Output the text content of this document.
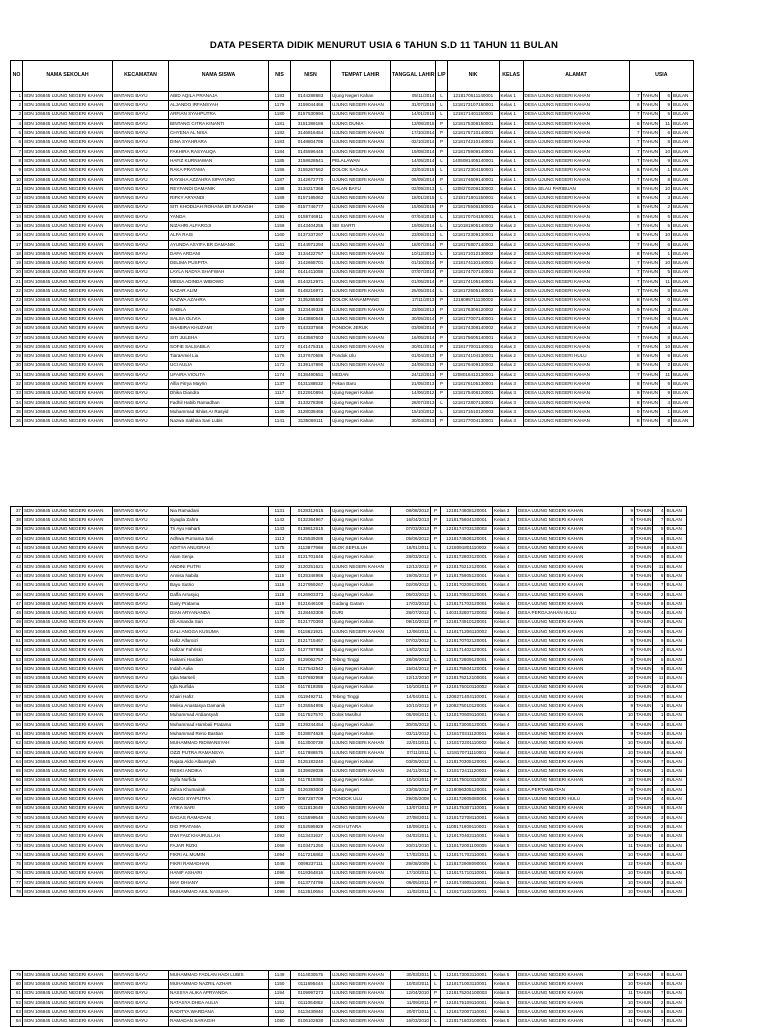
DATA PESERTA DIDIK MENURUT USIA 6 TAHUN S.D 11 TAHUN 11 BULAN
NO	NAMA SEKOLAH	KECAMATAN	NAMA SISWA	NIS	NISN	TEMPAT LAHIR	TANGGAL LAHIR	L/P	NIK	KELAS	ALAMAT	USIA			
1	SDN 106845 UJUNG NEGERI KAHAN	BINTANG BAYU	ABID AQILA PRANAJA	1193	0144288883	Ujung Negeri Kahan	05/11/2014	L	1218170511140001	Kelas 1	DESA UJUNG NEGERI KAHAN	7	TAHUN	6	BULAN
2	SDN 106845 UJUNG NEGERI KAHAN	BINTANG BAYU	ALJANDO IRFANSYAH	1179	3159044466	UJUNG NEGERI KAHAN	31/07/2015	L	1218173107150001	Kelas 1	DESA UJUNG NEGERI KAHAN	6	TAHUN	9	BULAN
3	SDN 106845 UJUNG NEGERI KAHAN	BINTANG BAYU	ARFIAN SYAHPUTRA	1180	0157530994	UJUNG NEGERI KAHAN	14/01/2015	L	1218171401150001	Kelas 1	DESA UJUNG NEGERI KAHAN	7	TAHUN	5	BULAN
4	SDN 106845 UJUNG NEGERI KAHAN	BINTANG BAYU	BINTANG CITRA KINANTI	1181	3151389186	UJUNG DUNIA	13/08/2015	P	1218175308150001	Kelas 1	DESA UJUNG NEGERI KAHAN	6	TAHUN	11	BULAN
5	SDN 106845 UJUNG NEGERI KAHAN	BINTANG BAYU	CHYENA AL NISA	1182	3146816454	UJUNG NEGERI KAHAN	17/10/2014	P	1218175710140001	Kelas 1	DESA UJUNG NEGERI KAHAN	7	TAHUN	6	BULAN
6	SDN 106845 UJUNG NEGERI KAHAN	BINTANG BAYU	DINA SYAHRARA	1183	0148804795	UJUNG NEGERI KAHAN	02/10/2014	P	1218174210140001	Kelas 1	DESA UJUNG NEGERI KAHAN	7	TAHUN	8	BULAN
7	SDN 106845 UJUNG NEGERI KAHAN	BINTANG BAYU	FAKHIRA RASYAUQA	1184	0145596445	UJUNG NEGERI KAHAN	19/08/2014	P	1218175908140001	Kelas 1	DESA UJUNG NEGERI KAHAN	7	TAHUN	10	BULAN
8	SDN 106845 UJUNG NEGERI KAHAN	BINTANG BAYU	HAFIZ KURNIAWAN	1185	3158628541	PELALAWAN	14/05/2014	L	1405081405140001	Kelas 1	DESA UJUNG NEGERI KAHAN	7	TAHUN	9	BULAN
9	SDN 106845 UJUNG NEGERI KAHAN	BINTANG BAYU	RAKA PRATAMA	1186	3155267562	DOLOK SAGALA	23/04/2015	L	1218172304150001	Kelas 1	DESA UJUNG NEGERI KAHAN	6	TAHUN	1	BULAN
10	SDN 106845 UJUNG NEGERI KAHAN	BINTANG BAYU	RAYSHA AZZAHRA SIPAYUNG	1187	3142672770	UJUNG NEGERI KAHAN	06/09/2014	P	1218174609140001	Kelas 1	DESA UJUNG NEGERI KAHAN	7	TAHUN	8	BULAN
11	SDN 106845 UJUNG NEGERI KAHAN	BINTANG BAYU	REYFANDI DAMANIK	1188	3134217368	DALAN BAYU	02/09/2013	L	1208270209130002	Kelas 1	DESA SILAU PARIBUAN	8	TAHUN	10	BULAN
12	SDN 106845 UJUNG NEGERI KAHAN	BINTANG BAYU	RIFKY ARYANDI	1189	0157195062	UJUNG NEGERI KAHAN	18/01/2015	L	1218171801150001	Kelas 1	DESA UJUNG NEGERI KAHAN	6	TAHUN	3	BULAN
13	SDN 106845 UJUNG NEGERI KAHAN	BINTANG BAYU	SITI KHODIJAH ROHANA BR SARAGIH	1190	0157746777	UJUNG NEGERI KAHAN	15/06/2015	P	1218175506150001	Kelas 1	DESA UJUNG NEGERI KAHAN	6	TAHUN	2	BULAN
14	SDN 106845 UJUNG NEGERI KAHAN	BINTANG BAYU	YANDA	1191	0159746911	UJUNG NEGERI KAHAN	07/04/2015	L	1218170704150001	Kelas 1	DESA UJUNG NEGERI KAHAN	6	TAHUN	5	BULAN
15	SDN 106845 UJUNG NEGERI KAHAN	BINTANG BAYU	NIZAHRI ALFAROJI	1159	0143404255	SEI SIARTI	19/05/2014	L	1210181905140002	Kelas 2	DESA UJUNG NEGERI KAHAN	7	TAHUN	5	BULAN
16	SDN 106845 UJUNG NEGERI KAHAN	BINTANG BAYU	ALFA RAIS	1160	0137337297	UJUNG NEGERI KAHAN	23/09/2013	L	1218172309130001	Kelas 2	DESA UJUNG NEGERI KAHAN	8	TAHUN	10	BULAN
17	SDN 106845 UJUNG NEGERI KAHAN	BINTANG BAYU	AYUNDA ASYIFA BR DAMANIK	1161	0144971294	UJUNG NEGERI KAHAN	18/07/2014	P	1218175807140002	Kelas 2	DESA UJUNG NEGERI KAHAN	7	TAHUN	6	BULAN
18	SDN 106845 UJUNG NEGERI KAHAN	BINTANG BAYU	DAFA ARDANI	1162	3134422757	UJUNG NEGERI KAHAN	10/12/2013	L	1218171012130002	Kelas 2	DESA UJUNG NEGERI KAHAN	8	TAHUN	1	BULAN
19	SDN 106845 UJUNG NEGERI KAHAN	BINTANG BAYU	DELIMA PUSPITA	1163	3142668701	UJUNG NEGERI KAHAN	01/10/2014	P	1218174110140001	Kelas 2	DESA UJUNG NEGERI KAHAN	7	TAHUN	10	BULAN
20	SDN 106845 UJUNG NEGERI KAHAN	BINTANG BAYU	LAYLA NADYA SHAFWAH	1164	0141411058	UJUNG NEGERI KAHAN	07/07/2014	P	1218174707140001	Kelas 2	DESA UJUNG NEGERI KAHAN	7	TAHUN	5	BULAN
21	SDN 106845 UJUNG NEGERI KAHAN	BINTANG BAYU	MEISA ADINDA WIBOWO	1165	0144212971	UJUNG NEGERI KAHAN	01/05/2014	P	1218174105140001	Kelas 2	DESA UJUNG NEGERI KAHAN	7	TAHUN	11	BULAN
22	SDN 106845 UJUNG NEGERI KAHAN	BINTANG BAYU	NAZAR ALIM	1166	0148216971	UJUNG NEGERI KAHAN	25/05/2014	L	1218172505140001	Kelas 2	DESA UJUNG NEGERI KAHAN	7	TAHUN	5	BULAN
23	SDN 106845 UJUNG NEGERI KAHAN	BINTANG BAYU	NAZWA AZAHRA	1167	3135255553	DOLOK MANAMPANG	17/11/2013	P	1218095711130002	Kelas 2	DESA UJUNG NEGERI KAHAN	8	TAHUN	0	BULAN
24	SDN 106845 UJUNG NEGERI KAHAN	BINTANG BAYU	SABILA	1168	3123449326	UJUNG NEGERI KAHAN	23/06/2012	P	1218176306120002	Kelas 2	DESA UJUNG NEGERI KAHAN	9	TAHUN	3	BULAN
25	SDN 106845 UJUNG NEGERI KAHAN	BINTANG BAYU	SALSA OLIVIA	1169	3143880546	UJUNG NEGERI KAHAN	30/05/2014	P	1218177007140001	Kelas 2	DESA UJUNG NEGERI KAHAN	7	TAHUN	6	BULAN
26	SDN 106845 UJUNG NEGERI KAHAN	BINTANG BAYU	SHABIRA KHUZAMI	1170	0143337568	PONDOK JERUK	03/08/2014	P	1218174308140002	Kelas 2	DESA UJUNG NEGERI KAHAN	7	TAHUN	4	BULAN
27	SDN 106845 UJUNG NEGERI KAHAN	BINTANG BAYU	SITI JULEHA	1171	0143567603	UJUNG NEGERI KAHAN	16/05/2014	P	1218175605140001	Kelas 2	DESA UJUNG NEGERI KAHAN	7	TAHUN	8	BULAN
28	SDN 106845 UJUNG NEGERI KAHAN	BINTANG BAYU	SOFIE SALSABILA	1172	0141475315	UJUNG NEGERI KAHAN	30/01/2014	P	1218177001140001	Kelas 2	DESA UJUNG NEGERI KAHAN	7	TAHUN	10	BULAN
29	SDN 106845 UJUNG NEGERI KAHAN	BINTANG BAYU	TiaraAmel Lia	1176	3137670586	Pondok Ulu	01/04/2013	P	1218174104130001	Kelas 2	DESA UJUNG NEGERI HULU	8	TAHUN	9	BULAN
30	SDN 106845 UJUNG NEGERI KAHAN	BINTANG BAYU	UCI AULIA	1173	3139147890	UJUNG NEGERI KAHAN	24/09/2013	P	1218176409130002	Kelas 2	DESA UJUNG NEGERI KAHAN	8	TAHUN	2	BULAN
31	SDN 106845 UJUNG NEGERI KAHAN	BINTANG BAYU	UFAIRA VIOLITA	1174	0138490551	MEDAN	24/12/2013	P	1208016412130001	Kelas 2	DESA UJUNG NEGERI KAHAN	7	TAHUN	11	BULAN
32	SDN 106845 UJUNG NEGERI KAHAN	BINTANG BAYU	Alfia Fitrya Mayrin	1137	0131188532	Pekan Baru	21/05/2013	P	1218176105130001	Kelas 3	DESA UJUNG NEGERI KAHAN	8	TAHUN	6	BULAN
33	SDN 106845 UJUNG NEGERI KAHAN	BINTANG BAYU	Dhika Diandra	1117	0122910894	Ujung Negeri Kahan	14/06/2012	P	1218175406120001	Kelas 3	DESA UJUNG NEGERI KAHAN	9	TAHUN	9	BULAN
34	SDN 106845 UJUNG NEGERI KAHAN	BINTANG BAYU	Fadhil Habib Ramadhan	1138	3133278398	Ujung Negeri Kahan	28/07/2013	L	1218172807130001	Kelas 3	DESA UJUNG NEGERI KAHAN	8	TAHUN	4	BULAN
35	SDN 106845 UJUNG NEGERI KAHAN	BINTANG BAYU	Muhammad Ikhlas Ar Rasyid	1140	3128038465	Ujung Negeri Kahan	15/10/2012	L	1218171510120003	Kelas 3	DESA UJUNG NEGERI KAHAN	9	TAHUN	1	BULAN
36	SDN 106845 UJUNG NEGERI KAHAN	BINTANG BAYU	Nazwa Sakhira Sari Lubis	1141	3135069111	Ujung Negeri Kahan	30/04/2013	P	1218177004130001	Kelas 3	DESA UJUNG NEGERI KAHAN	8	TAHUN	8	BULAN
37	SDN 106845 UJUNG NEGERI KAHAN	BINTANG BAYU	Nia Ramadani	1131	0128312615	Ujung Negeri Kahan	08/08/2012	P	1218174808120001	Kelas 3	DESA UJUNG NEGERI KAHAN	9	TAHUN	4	BULAN
38	SDN 106845 UJUNG NEGERI KAHAN	BINTANG BAYU	Syaqila Zahra	1142	0132364967	Ujung Negeri Kahan	16/04/2013	P	1218175604130001	Kelas 3	DESA UJUNG NEGERI KAHAN	8	TAHUN	7	BULAN
39	SDN 106845 UJUNG NEGERI KAHAN	BINTANG BAYU	Tri Ayu Haharti	1143	0139812615	Ujung Negeri Kahan	07/03/2013	P	1218174703130002	Kelas 3	DESA UJUNG NEGERI KAHAN	8	TAHUN	5	BULAN
40	SDN 106845 UJUNG NEGERI KAHAN	BINTANG BAYU	Adhwa Purnama Sari	1113	0125539285	Ujung Negeri Kahan	05/06/2012	P	1218174506120001	Kelas 4	DESA UJUNG NEGERI KAHAN	9	TAHUN	6	BULAN
41	SDN 106845 UJUNG NEGERI KAHAN	BINTANG BAYU	ADITYA ANUGRAH	1175	3113877968	BLOK SEPULUH	18/01/2011	L	1218091801110002	Kelas 4	DESA UJUNG NEGERI KAHAN	10	TAHUN	8	BULAN
42	SDN 106845 UJUNG NEGERI KAHAN	BINTANG BAYU	Alam Senja	1114	0121701646	Ujung Negeri Kahan	28/03/2012	L	1218172803120001	Kelas 4	DESA UJUNG NEGERI KAHAN	9	TAHUN	9	BULAN
43	SDN 106845 UJUNG NEGERI KAHAN	BINTANG BAYU	ANDINI PUTRI	1192	3120251621	UJUNG NEGERI KAHAN	12/12/2012	P	1218175212120001	Kelas 4	DESA UJUNG NEGERI KAHAN	8	TAHUN	11	BULAN
44	SDN 106845 UJUNG NEGERI KAHAN	BINTANG BAYU	Annisa Nabila	1115	0125346966	Ujung Negeri Kahan	19/05/2012	P	1218175905120001	Kelas 4	DESA UJUNG NEGERI KAHAN	9	TAHUN	6	BULAN
45	SDN 106845 UJUNG NEGERI KAHAN	BINTANG BAYU	Bayu Sutrio	1116	3127959267	Ujung Negeri Kahan	02/09/2012	L	1218170209120001	Kelas 4	DESA UJUNG NEGERI KAHAN	9	TAHUN	7	BULAN
46	SDN 106845 UJUNG NEGERI KAHAN	BINTANG BAYU	Daffa Arrasyiq	1118	0126903373	Ujung Negeri Kahan	05/03/2012	L	1218170503120001	Kelas 4	DESA UJUNG NEGERI KAHAN	9	TAHUN	2	BULAN
47	SDN 106845 UJUNG NEGERI KAHAN	BINTANG BAYU	Dairy Pratama	1119	0121646108	Gudang Garam	17/03/2012	L	1218171703120001	Kelas 4	DESA UJUNG NEGERI KAHAN	9	TAHUN	8	BULAN
48	SDN 106845 UJUNG NEGERI KAHAN	BINTANG BAYU	DIAN ARYANANDA	1178	3128463308	DURI	28/07/2012	L	1403132807120002	Kelas 4	DESA PERGAJAHAN HULU	9	TAHUN	4	BULAN
49	SDN 106845 UJUNG NEGERI KAHAN	BINTANG BAYU	Dli Amanda Sari	1120	0121770393	Ujung Negeri Kahan	09/10/2012	P	1218174910120001	Kelas 4	DESA UJUNG NEGERI KAHAN	9	TAHUN	2	BULAN
50	SDN 106845 UJUNG NEGERI KAHAN	BINTANG BAYU	GALI ANGGA KUSUMA	1095	0115621921	UJUNG NEGERI KAHAN	12/06/2011	L	1218171206110002	Kelas 4	DESA UJUNG NEGERI KAHAN	10	TAHUN	5	BULAN
51	SDN 106845 UJUNG NEGERI KAHAN	BINTANG BAYU	Hafiz Alfaroizi	1121	0121715467	Ujung Negeri Kahan	07/02/2012	L	1218170702120001	Kelas 4	DESA UJUNG NEGERI KAHAN	9	TAHUN	9	BULAN
52	SDN 106845 UJUNG NEGERI KAHAN	BINTANG BAYU	Hafizar Fahriski	1122	0127787956	Ujung Negeri Kahan	14/02/2012	L	1218171402120001	Kelas 4	DESA UJUNG NEGERI KAHAN	9	TAHUN	2	BULAN
53	SDN 106845 UJUNG NEGERI KAHAN	BINTANG BAYU	Haitami Hardian	1123	0129062757	Tebing Tinggi	28/09/2012	L	1218172809120001	Kelas 4	DESA UJUNG NEGERI KAHAN	9	TAHUN	5	BULAN
54	SDN 106845 UJUNG NEGERI KAHAN	BINTANG BAYU	Indah Aulia	1124	0127542542	Ujung Negeri Kahan	15/04/2012	P	1218175504120001	Kelas 4	DESA UJUNG NEGERI KAHAN	9	TAHUN	5	BULAN
55	SDN 106845 UJUNG NEGERI KAHAN	BINTANG BAYU	Igka Marseli	1125	0107692988	Ujung Negeri Kahan	12/12/2010	P	1218175212100001	Kelas 4	DESA UJUNG NEGERI KAHAN	10	TAHUN	11	BULAN
56	SDN 106845 UJUNG NEGERI KAHAN	BINTANG BAYU	Igfa Nurfida	1134	0117819355	Ujung Negeri Kahan	10/10/2011	P	1218175010110002	Kelas 4	DESA UJUNG NEGERI KAHAN	10	TAHUN	2	BULAN
57	SDN 106845 UJUNG NEGERI KAHAN	BINTANG BAYU	Khairi Hafiz	1126	0119492711	Tebing Tinggi	14/04/2011	L	1208271404110001	Kelas 4	DESA UJUNG NEGERI KAHAN	10	TAHUN	7	BULAN
58	SDN 106845 UJUNG NEGERI KAHAN	BINTANG BAYU	Melisa Anastasya Damanik	1127	0125554995	Ujung Negeri Kahan	10/10/2012	P	1208275010120001	Kelas 4	DESA UJUNG NEGERI KAHAN	9	TAHUN	1	BULAN
59	SDN 106845 UJUNG NEGERI KAHAN	BINTANG BAYU	Muhammad Ardiansyah	1128	0117527570	Dolok Masihul	05/09/2011	L	1218170509110001	Kelas 4	DESA UJUNG NEGERI KAHAN	10	TAHUN	1	BULAN
60	SDN 106845 UJUNG NEGERI KAHAN	BINTANG BAYU	Muhammad Hambali Pratama	1129	0129244454	Ujung Negeri Kahan	30/05/2012	L	1218173005120001	Kelas 4	DESA UJUNG NEGERI KAHAN	9	TAHUN	3	BULAN
61	SDN 106845 UJUNG NEGERI KAHAN	BINTANG BAYU	Muhammad Reno Bastian	1130	0128874626	Ujung Negeri Kahan	03/11/2012	L	1218170311120001	Kelas 4	DESA UJUNG NEGERI KAHAN	9	TAHUN	1	BULAN
62	SDN 106845 UJUNG NEGERI KAHAN	BINTANG BAYU	MUHAMMAD RIDWANSYAH	1146	0113000739	UJUNG NEGERI KAHAN	22/01/2011	L	1218172201110002	Kelas 4	DESA UJUNG NEGERI KAHAN	10	TAHUN	8	BULAN
63	SDN 106845 UJUNG NEGERI KAHAN	BINTANG BAYU	OZZI PUTRA RAMANSYA	1147	0117986575	UJUNG NEGERI KAHAN	07/11/2011	L	1218170711110001	Kelas 4	DESA UJUNG NEGERI KAHAN	10	TAHUN	4	BULAN
64	SDN 106845 UJUNG NEGERI KAHAN	BINTANG BAYU	Rajata Aldo Albansyah	1133	0125183240	Ujung Negeri Kahan	03/05/2012	L	1218170305120001	Kelas 4	DESA UJUNG NEGERI KAHAN	9	TAHUN	7	BULAN
65	SDN 106845 UJUNG NEGERI KAHAN	BINTANG BAYU	RESKI ANDIKA	1148	0139928036	UJUNG NEGERI KAHAN	24/11/2012	L	1218172411120001	Kelas 4	DESA UJUNG NEGERI KAHAN	9	TAHUN	1	BULAN
66	SDN 106845 UJUNG NEGERI KAHAN	BINTANG BAYU	Syifa Nurfida	1134	0117819355	Ujung Negeri Kahan	10/10/2011	P	1218175010110002	Kelas 4	DESA UJUNG NEGERI KAHAN	10	TAHUN	2	BULAN
67	SDN 106845 UJUNG NEGERI KAHAN	BINTANG BAYU	Zahra Khumairah	1135	0126393003	Ujung Negeri	23/05/2012	P	1218096305120001	Kelas 4	DESA PERTAMBATAN	9	TAHUN	6	BULAN
68	SDN 106845 UJUNG NEGERI KAHAN	BINTANG BAYU	ANGGI SYAPUTRA	1177	0087287709	PONDOK ULU	29/05/2008	L	1218172905080001	Kelas 5	DESA UJUNG NEGERI HULU	13	TAHUN	4	BULAN
69	SDN 106845 UJUNG NEGERI KAHAN	BINTANG BAYU	ATIKA SARI	1090	0111813649	UJUNG NEGERI KAHAN	13/07/2011	P	1218175307110001	Kelas 5	DESA UJUNG NEGERI KAHAN	10	TAHUN	6	BULAN
70	SDN 106845 UJUNG NEGERI KAHAN	BINTANG BAYU	BAGAS RAMADANI	1091	0115599546	UJUNG NEGERI KAHAN	27/08/2011	L	1218172708110001	Kelas 5	DESA UJUNG NEGERI KAHAN	10	TAHUN	3	BULAN
71	SDN 106845 UJUNG NEGERI KAHAN	BINTANG BAYU	DIO PRATAMA	1092	0152595929	ACEH UTARA	18/09/2011	L	1108171809110001	Kelas 5	DESA UJUNG NEGERI KAHAN	10	TAHUN	2	BULAN
72	SDN 106845 UJUNG NEGERI KAHAN	BINTANG BAYU	DWI FAIZ KHAIRULLAH	1093	0113431627	UJUNG NEGERI KAHAN	04/02/2011	L	1218170402110001	Kelas 5	DESA UJUNG NEGERI KAHAN	10	TAHUN	6	BULAN
73	SDN 106845 UJUNG NEGERI KAHAN	BINTANG BAYU	FAJAR RIZKI	1066	0103471250	UJUNG NEGERI KAHAN	20/01/2010	L	1218172001100005	Kelas 5	DESA UJUNG NEGERI KAHAN	11	TAHUN	10	BULAN
74	SDN 106845 UJUNG NEGERI KAHAN	BINTANG BAYU	FIKRI AL MUMIN	1094	0117216862	UJUNG NEGERI KAHAN	17/02/2011	L	1218171702110001	Kelas 5	DESA UJUNG NEGERI KAHAN	10	TAHUN	8	BULAN
75	SDN 106845 UJUNG NEGERI KAHAN	BINTANG BAYU	FIKRI RAMADHAN	1045	0099237111	UJUNG NEGERI KAHAN	29/08/2009	L	1218172908090001	Kelas 5	DESA UJUNG NEGERI KAHAN	12	TAHUN	3	BULAN
76	SDN 106845 UJUNG NEGERI KAHAN	BINTANG BAYU	HANIF ASHARI	1096	0119364816	UJUNG NEGERI KAHAN	17/10/2011	L	1218171710110001	Kelas 5	DESA UJUNG NEGERI KAHAN	10	TAHUN	5	BULAN
77	SDN 106845 UJUNG NEGERI KAHAN	BINTANG BAYU	MAY DHIANY	1098	0113774799	UJUNG NEGERI KAHAN	09/05/2011	P	1218174905110001	Kelas 5	DESA UJUNG NEGERI KAHAN	10	TAHUN	2	BULAN
78	SDN 106845 UJUNG NEGERI KAHAN	BINTANG BAYU	MUHAMMAD AKIL NASUHA	1099	0112510654	UJUNG NEGERI KAHAN	11/02/2011	L	1218171102110001	Kelas 5	DESA UJUNG NEGERI KAHAN	10	TAHUN	8	BULAN
79	SDN 106845 UJUNG NEGERI KAHAN	BINTANG BAYU	MUHAMMAD FADLAN HADI LUBIS	1149	0114030575	UJUNG NEGERI KAHAN	30/03/2011	L	1218173003110001	Kelas 5	DESA UJUNG NEGERI KAHAN	10	TAHUN	8	BULAN
80	SDN 106845 UJUNG NEGERI KAHAN	BINTANG BAYU	MUHAMMAD NAZRIL AZHAR	1150	0111695444	UJUNG NEGERI KAHAN	10/03/2011	L	1218171003110001	Kelas 5	DESA UJUNG NEGERI KAHAN	10	TAHUN	9	BULAN
81	SDN 106845 UJUNG NEGERI KAHAN	BINTANG BAYU	NASSYA ALIKA APRYANDA	1194	0109997273	UJUNG NEGERI KAHAN	12/04/2010	P	1218175204100003	Kelas 5	DESA UJUNG NEGERI KAHAN	11	TAHUN	7	BULAN
82	SDN 106845 UJUNG NEGERI KAHAN	BINTANG BAYU	NATASYA DHEA AULIA	1151	0111064852	UJUNG NEGERI KAHAN	11/09/2011	P	1218175109110001	Kelas 5	DESA UJUNG NEGERI KAHAN	10	TAHUN	2	BULAN
83	SDN 106845 UJUNG NEGERI KAHAN	BINTANG BAYU	RADITYA WARDANA	1152	0113430840	UJUNG NEGERI KAHAN	20/07/2011	L	1218172007110001	Kelas 5	DESA UJUNG NEGERI KAHAN	10	TAHUN	5	BULAN
84	SDN 106845 UJUNG NEGERI KAHAN	BINTANG BAYU	RAMADAN SARAGIH	1080	0106102830	UJUNG NEGERI KAHAN	16/03/2010	L	1218171603100001	Kelas 5	DESA UJUNG NEGERI KAHAN	11	TAHUN	7	BULAN
